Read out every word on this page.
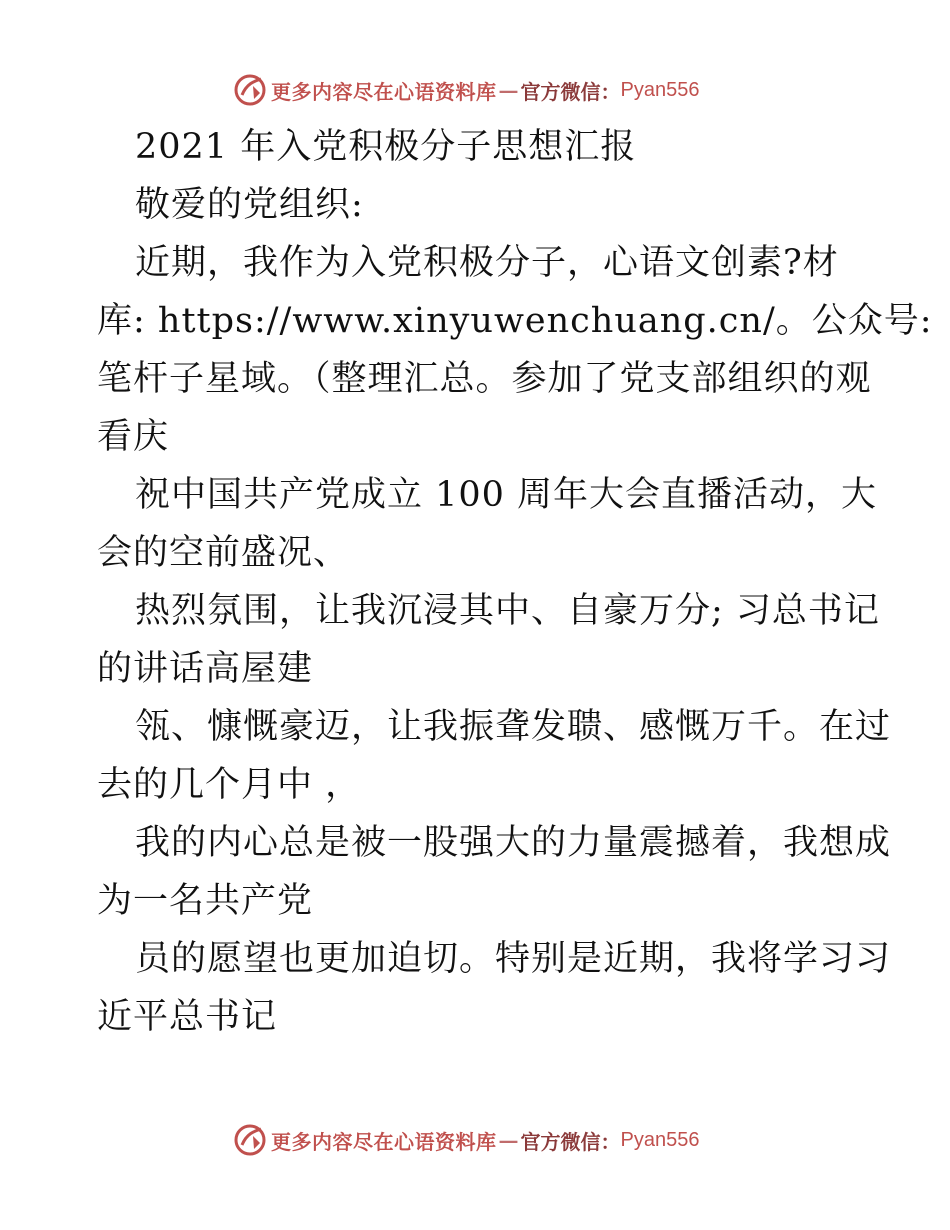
更多内容尽在心语资料库 — 官方微信： Pyan556
2021 年入党积极分子思想汇报
敬爱的党组织:
近期，我作为入党积极分子，心语文创素?材
库: https://www.xinyuwenchuang.cn/。公众号:
笔杆子星域。（整理汇总。参加了党支部组织的观
看庆
祝中国共产党成立 100 周年大会直播活动，大
会的空前盛况、
热烈氛围，让我沉浸其中、自豪万分; 习总书记
的讲话高屋建
瓴、慷慨豪迈，让我振聋发聩、感慨万千。在过
去的几个月中 ，
我的内心总是被一股强大的力量震撼着，我想成
为一名共产党
员的愿望也更加迫切。特别是近期，我将学习习
近平总书记
更多内容尽在心语资料库 — 官方微信： Pyan556
